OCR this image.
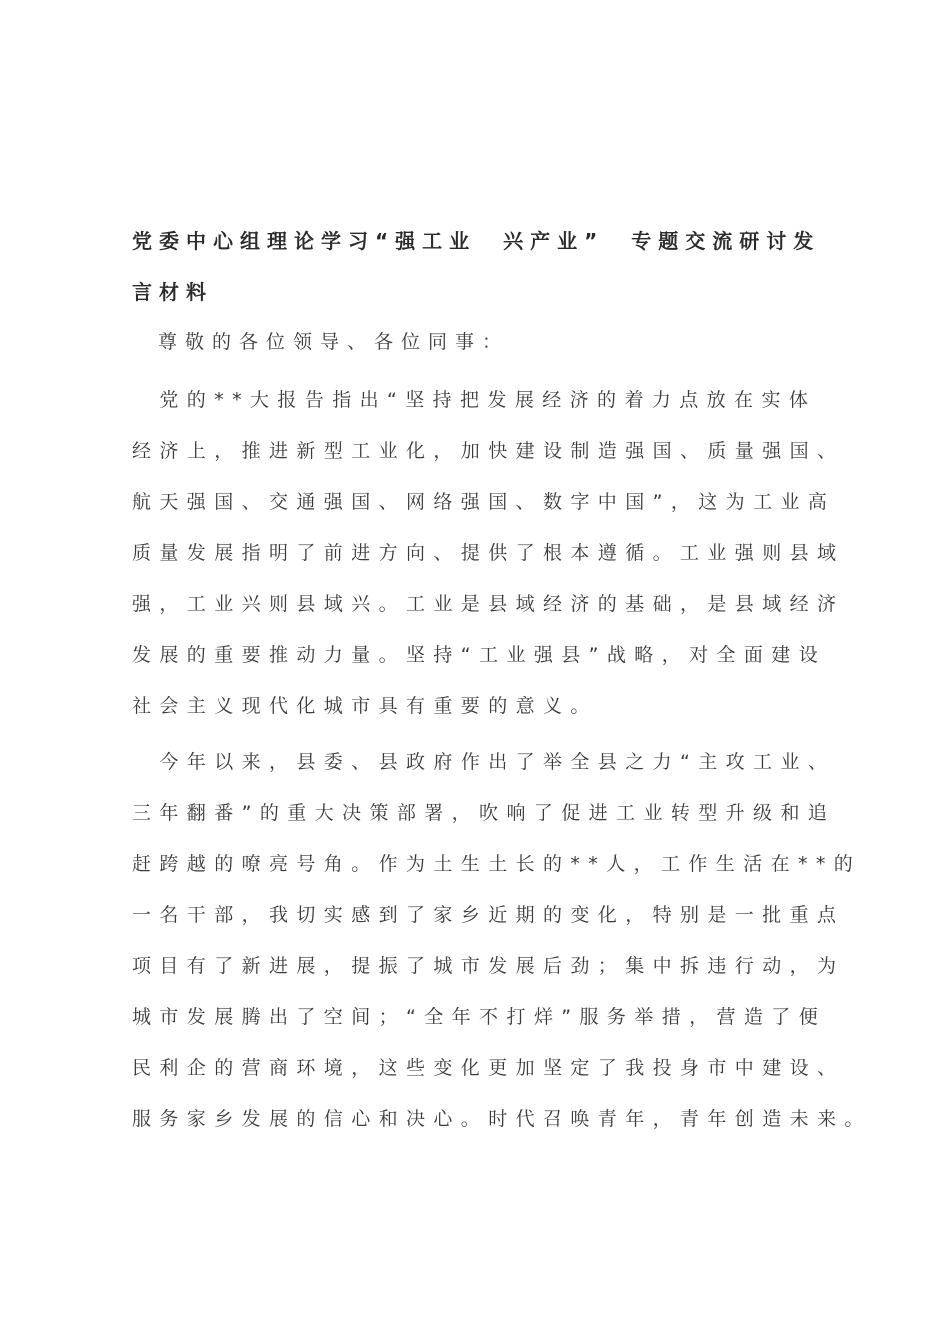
党委中心组理论学习“强工业　兴产业”　专题交流研讨发
言材料

尊敬的各位领导、各位同事：

　党的**大报告指出“坚持把发展经济的着力点放在实体
经济上，推进新型工业化，加快建设制造强国、质量强国、
航天强国、交通强国、网络强国、数字中国”，这为工业高
质量发展指明了前进方向、提供了根本遵循。工业强则县域
强，工业兴则县域兴。工业是县域经济的基础，是县域经济
发展的重要推动力量。坚持“工业强县”战略，对全面建设
社会主义现代化城市具有重要的意义。
　今年以来，县委、县政府作出了举全县之力“主攻工业、
三年翻番”的重大决策部署，吹响了促进工业转型升级和追
赶跨越的嘹亮号角。作为土生土长的**人，工作生活在**的
一名干部，我切实感到了家乡近期的变化，特别是一批重点
项目有了新进展，提振了城市发展后劲；集中拆违行动，为
城市发展腾出了空间；“全年不打烊”服务举措，营造了便
民利企的营商环境，这些变化更加坚定了我投身市中建设、
服务家乡发展的信心和决心。时代召唤青年，青年创造未来。
